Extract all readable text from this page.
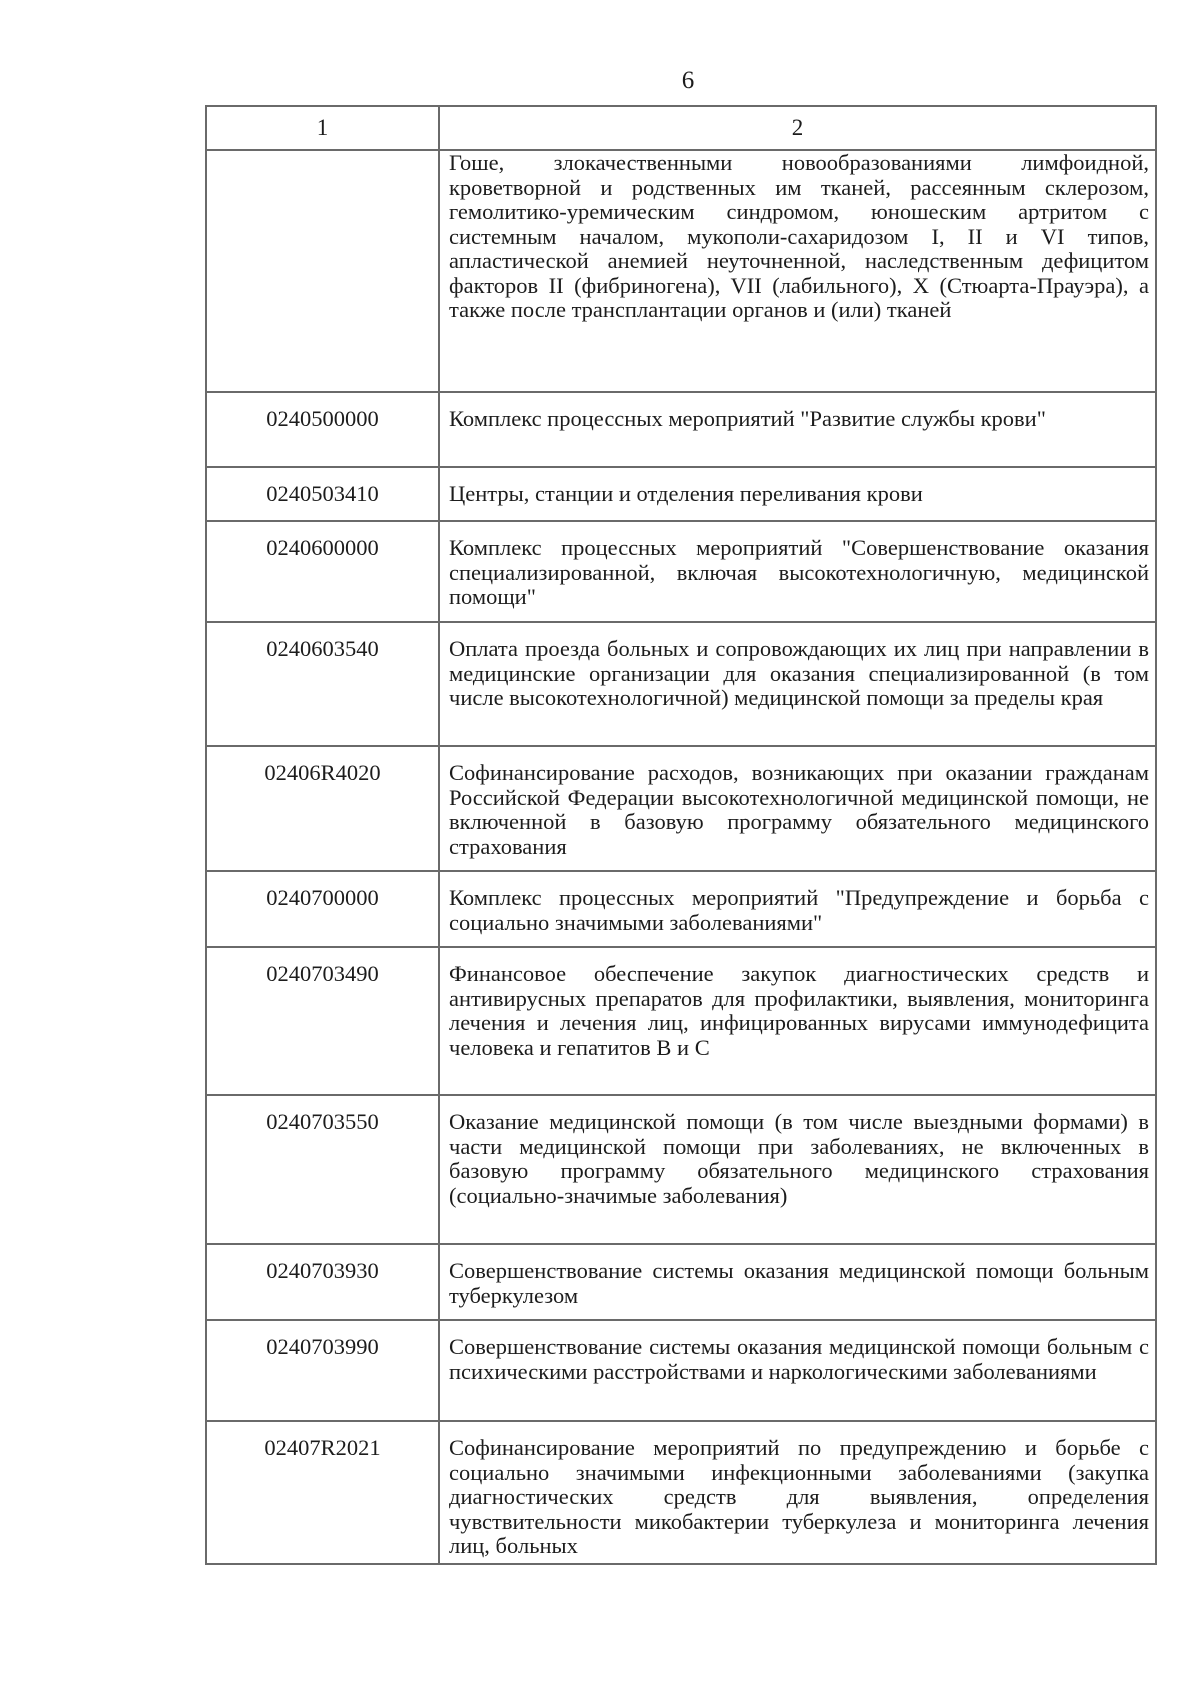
6
1	2
	Гоше, злокачественными новообразованиями лимфоидной, кроветворной и родственных им тканей, рассеянным склерозом, гемолитико-уремическим синдромом, юношеским артритом с системным началом, мукополи-сахаридозом I, II и VI типов, апластической анемией неуточненной, наследственным дефицитом факторов II (фибриногена), VII (лабильного), X (Стюарта-Прауэра), а также после трансплантации органов и (или) тканей
0240500000	Комплекс процессных мероприятий "Развитие службы крови"
0240503410	Центры, станции и отделения переливания крови
0240600000	Комплекс процессных мероприятий "Совершенствование оказания специализированной, включая высокотехнологичную, медицинской помощи"
0240603540	Оплата проезда больных и сопровождающих их лиц при направлении в медицинские организации для оказания специализированной (в том числе высокотехнологичной) медицинской помощи за пределы края
02406R4020	Софинансирование расходов, возникающих при оказании гражданам Российской Федерации высокотехнологичной медицинской помощи, не включенной в базовую программу обязательного медицинского страхования
0240700000	Комплекс процессных мероприятий "Предупреждение и борьба с социально значимыми заболеваниями"
0240703490	Финансовое обеспечение закупок диагностических средств и антивирусных препаратов для профилактики, выявления, мониторинга лечения и лечения лиц, инфицированных вирусами иммунодефицита человека и гепатитов В и С
0240703550	Оказание медицинской помощи (в том числе выездными формами) в части медицинской помощи при заболеваниях, не включенных в базовую программу обязательного медицинского страхования (социально-значимые заболевания)
0240703930	Совершенствование системы оказания медицинской помощи больным туберкулезом
0240703990	Совершенствование системы оказания медицинской помощи больным с психическими расстройствами и наркологическими заболеваниями
02407R2021	Софинансирование мероприятий по предупреждению и борьбе с социально значимыми инфекционными заболеваниями (закупка диагностических средств для выявления, определения чувствительности микобактерии туберкулеза и мониторинга лечения лиц, больных
